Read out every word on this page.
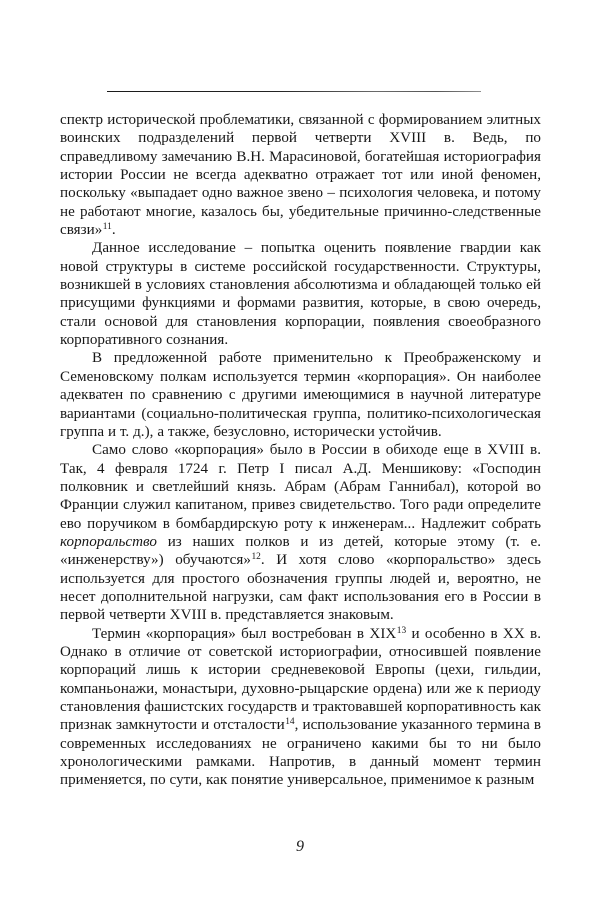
спектр исторической проблематики, связанной с формированием элитных воинских подразделений первой четверти XVIII в. Ведь, по справедливому замечанию В.Н. Марасиновой, богатейшая историография истории России не всегда адекватно отражает тот или иной феномен, поскольку «выпадает одно важное звено – психология человека, и потому не работают многие, казалось бы, убедительные причинно-следственные связи»$^{11}$.

Данное исследование – попытка оценить появление гвардии как новой структуры в системе российской государственности. Структуры, возникшей в условиях становления абсолютизма и обладающей только ей присущими функциями и формами развития, которые, в свою очередь, стали основой для становления корпорации, появления своеобразного корпоративного сознания.

В предложенной работе применительно к Преображенскому и Семеновскому полкам используется термин «корпорация». Он наиболее адекватен по сравнению с другими имеющимися в научной литературе вариантами (социально-политическая группа, политико-психологическая группа и т. д.), а также, безусловно, исторически устойчив.

Само слово «корпорация» было в России в обиходе еще в XVIII в. Так, 4 февраля 1724 г. Петр I писал А.Д. Меншикову: «Господин полковник и светлейший князь. Абрам (Абрам Ганнибал), которой во Франции служил капитаном, привез свидетельство. Того ради определите ево поручиком в бомбардирскую роту к инженерам... Надлежит собрать корпоральство из наших полков и из детей, которые этому (т. е. «инженерству») обучаются»$^{12}$. И хотя слово «корпоральство» здесь используется для простого обозначения группы людей и, вероятно, не несет дополнительной нагрузки, сам факт использования его в России в первой четверти XVIII в. представляется знаковым.

Термин «корпорация» был востребован в XIX$^{13}$ и особенно в XX в. Однако в отличие от советской историографии, относившей появление корпораций лишь к истории средневековой Европы (цехи, гильдии, компаньонажи, монастыри, духовно-рыцарские ордена) или же к периоду становления фашистских государств и трактовавшей корпоративность как признак замкнутости и отсталости$^{14}$, использование указанного термина в современных исследованиях не ограничено какими бы то ни было хронологическими рамками. Напротив, в данный момент термин применяется, по сути, как понятие универсальное, применимое к разным

9
